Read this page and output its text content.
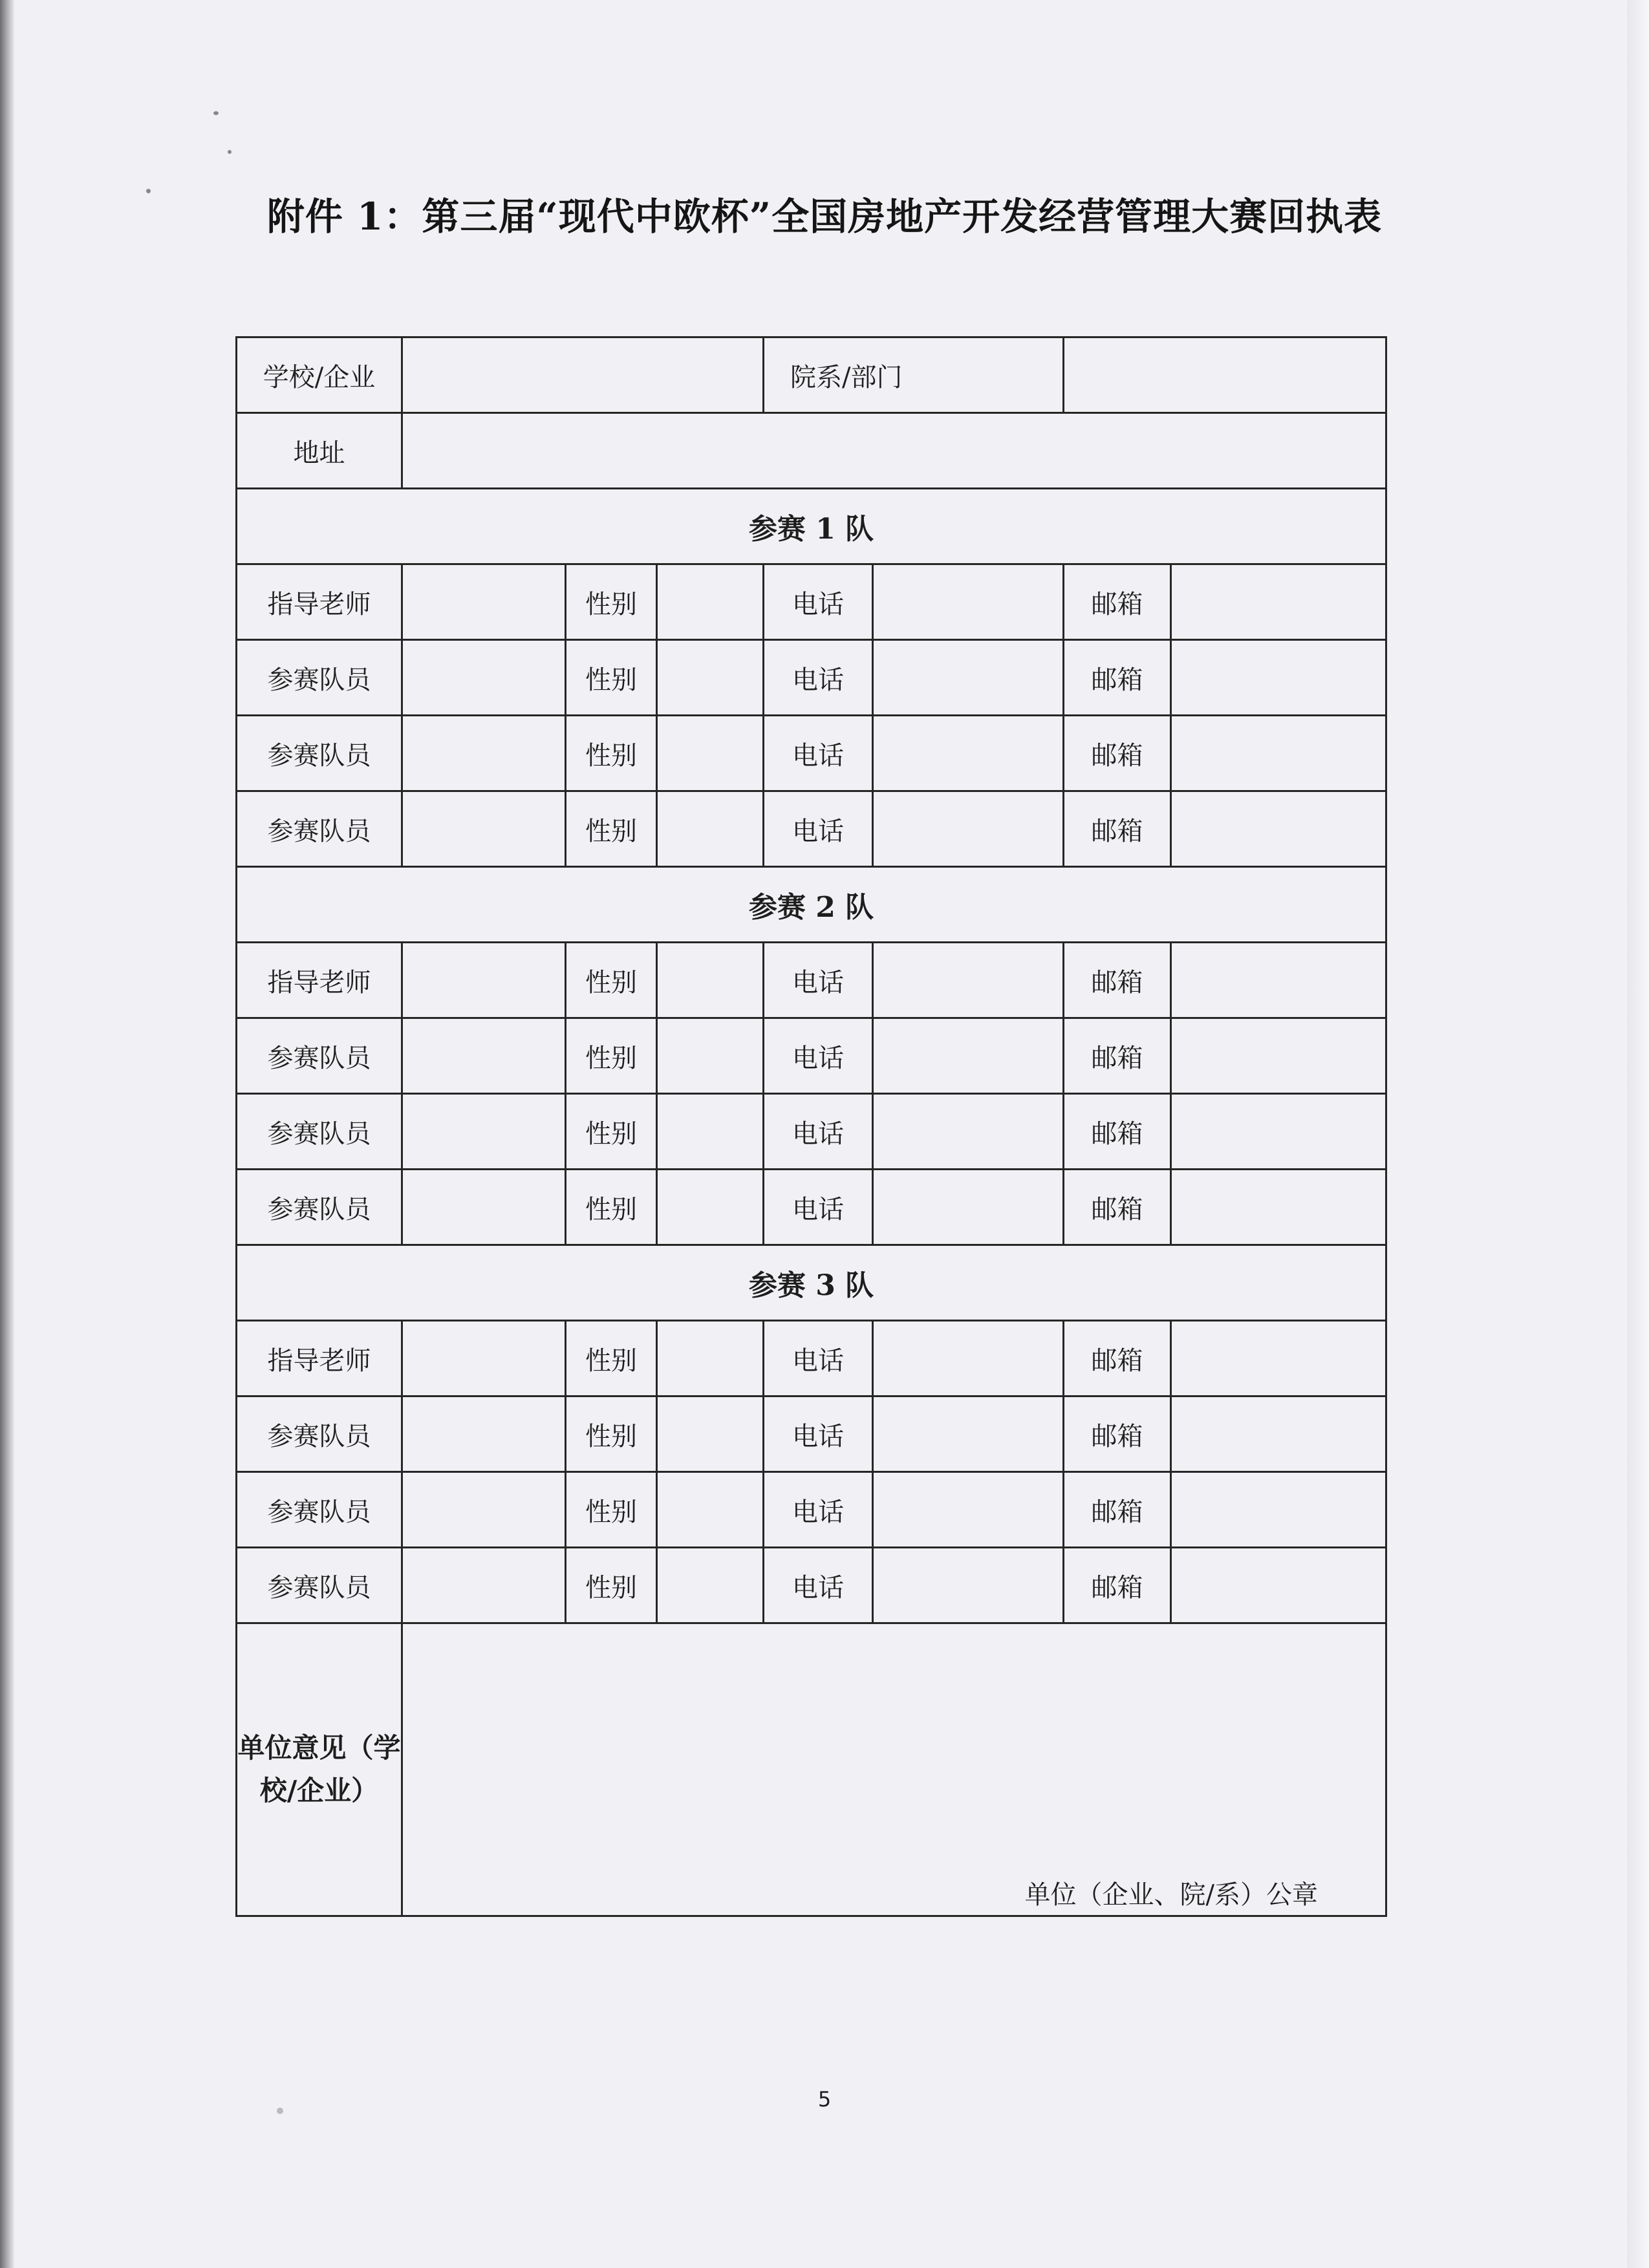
附件 1：第三届“现代中欧杯”全国房地产开发经营管理大赛回执表
学校/企业				院系/部门			
地址							
参赛 1 队							
指导老师		性别		电话		邮箱	
参赛队员		性别		电话		邮箱	
参赛队员		性别		电话		邮箱	
参赛队员		性别		电话		邮箱	
参赛 2 队							
指导老师		性别		电话		邮箱	
参赛队员		性别		电话		邮箱	
参赛队员		性别		电话		邮箱	
参赛队员		性别		电话		邮箱	
参赛 3 队							
指导老师		性别		电话		邮箱	
参赛队员		性别		电话		邮箱	
参赛队员		性别		电话		邮箱	
参赛队员		性别		电话		邮箱	
单位意见（学校/企业）	单位（企业、院/系）公章						
5
